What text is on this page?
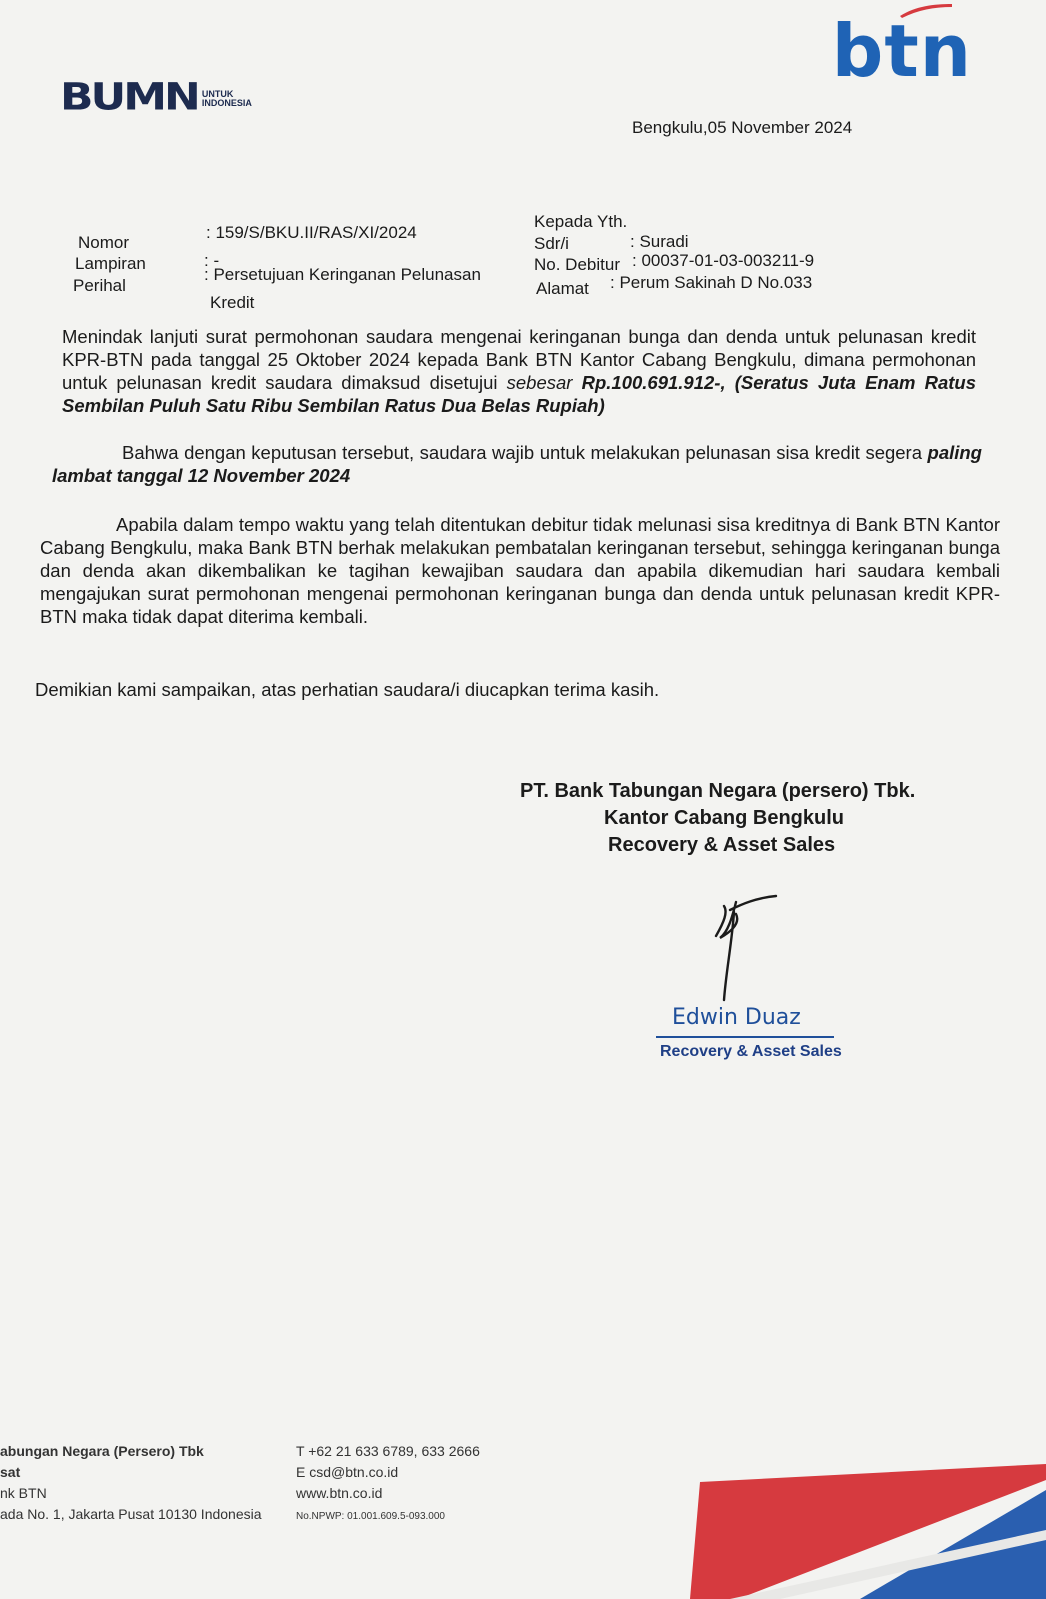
BUMN UNTUK
INDONESIA
btn
Bengkulu,05 November 2024
Nomor
: 159/S/BKU.II/RAS/XI/2024
Lampiran	: -
Perihal
: Persetujuan Keringanan Pelunasan
Kredit
Kepada Yth.
Sdr/i	: Suradi
No. Debitur : 00037-01-03-003211-9
Alamat : Perum Sakinah D No.033
Menindak lanjuti surat permohonan saudara mengenai keringanan bunga dan denda untuk pelunasan kredit KPR-BTN pada tanggal 25 Oktober 2024 kepada Bank BTN Kantor Cabang Bengkulu, dimana permohonan untuk pelunasan kredit saudara dimaksud disetujui sebesar Rp.100.691.912-, (Seratus Juta Enam Ratus Sembilan Puluh Satu Ribu Sembilan Ratus Dua Belas Rupiah)
Bahwa dengan keputusan tersebut, saudara wajib untuk melakukan pelunasan sisa kredit segera paling lambat tanggal 12 November 2024
Apabila dalam tempo waktu yang telah ditentukan debitur tidak melunasi sisa kreditnya di Bank BTN Kantor Cabang Bengkulu, maka Bank BTN berhak melakukan pembatalan keringanan tersebut, sehingga keringanan bunga dan denda akan dikembalikan ke tagihan kewajiban saudara dan apabila dikemudian hari saudara kembali mengajukan surat permohonan mengenai permohonan keringanan bunga dan denda untuk pelunasan kredit KPR-BTN maka tidak dapat diterima kembali.
Demikian kami sampaikan, atas perhatian saudara/i diucapkan terima kasih.
PT. Bank Tabungan Negara (persero) Tbk.
Kantor Cabang Bengkulu
Recovery & Asset Sales
Edwin Duaz
Recovery & Asset Sales
abungan Negara (Persero) Tbk
sat
nk BTN
ada No. 1, Jakarta Pusat 10130 Indonesia
T +62 21 633 6789, 633 2666
E csd@btn.co.id
www.btn.co.id
No.NPWP: 01.001.609.5-093.000
